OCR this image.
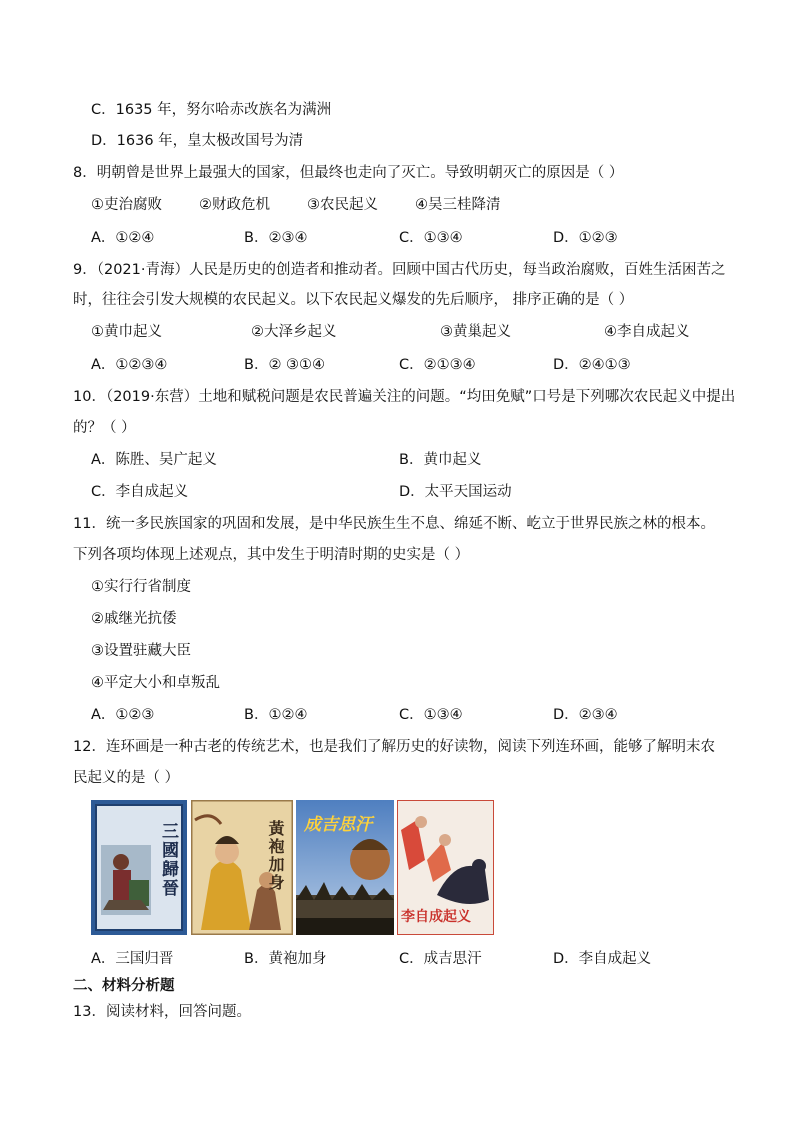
C．1635 年，努尔哈赤改族名为满洲
D．1636 年，皇太极改国号为清
8．明朝曾是世界上最强大的国家，但最终也走向了灭亡。导致明朝灭亡的原因是（ ）
①吏治腐败	②财政危机	③农民起义	④吴三桂降清
A．①②④	B．②③④	C．①③④	D．①②③
9．（2021·青海）人民是历史的创造者和推动者。回顾中国古代历史，每当政治腐败，百姓生活困苦之
时，往往会引发大规模的农民起义。以下农民起义爆发的先后顺序， 排序正确的是（ ）
①黄巾起义	②大泽乡起义	③黄巢起义	④李自成起义
A．①②③④	B．② ③①④	C．②①③④	D．②④①③
10．（2019·东营）土地和赋税问题是农民普遍关注的问题。“均田免赋”口号是下列哪次农民起义中提出
的？（ ）
A．陈胜、吴广起义	B．黄巾起义
C．李自成起义	D．太平天国运动
11．统一多民族国家的巩固和发展，是中华民族生生不息、绵延不断、屹立于世界民族之林的根本。
下列各项均体现上述观点，其中发生于明清时期的史实是（ ）
①实行行省制度
②戚继光抗倭
③设置驻藏大臣
④平定大小和卓叛乱
A．①②③	B．①②④	C．①③④	D．②③④
12．连环画是一种古老的传统艺术，也是我们了解历史的好读物，阅读下列连环画，能够了解明末农
民起义的是（ ）
三國歸晉	黃袍加身 成吉思汗
李自成起义
A．三国归晋	B．黄袍加身	C．成吉思汗	D．李自成起义
二、材料分析题
13．阅读材料，回答问题。
